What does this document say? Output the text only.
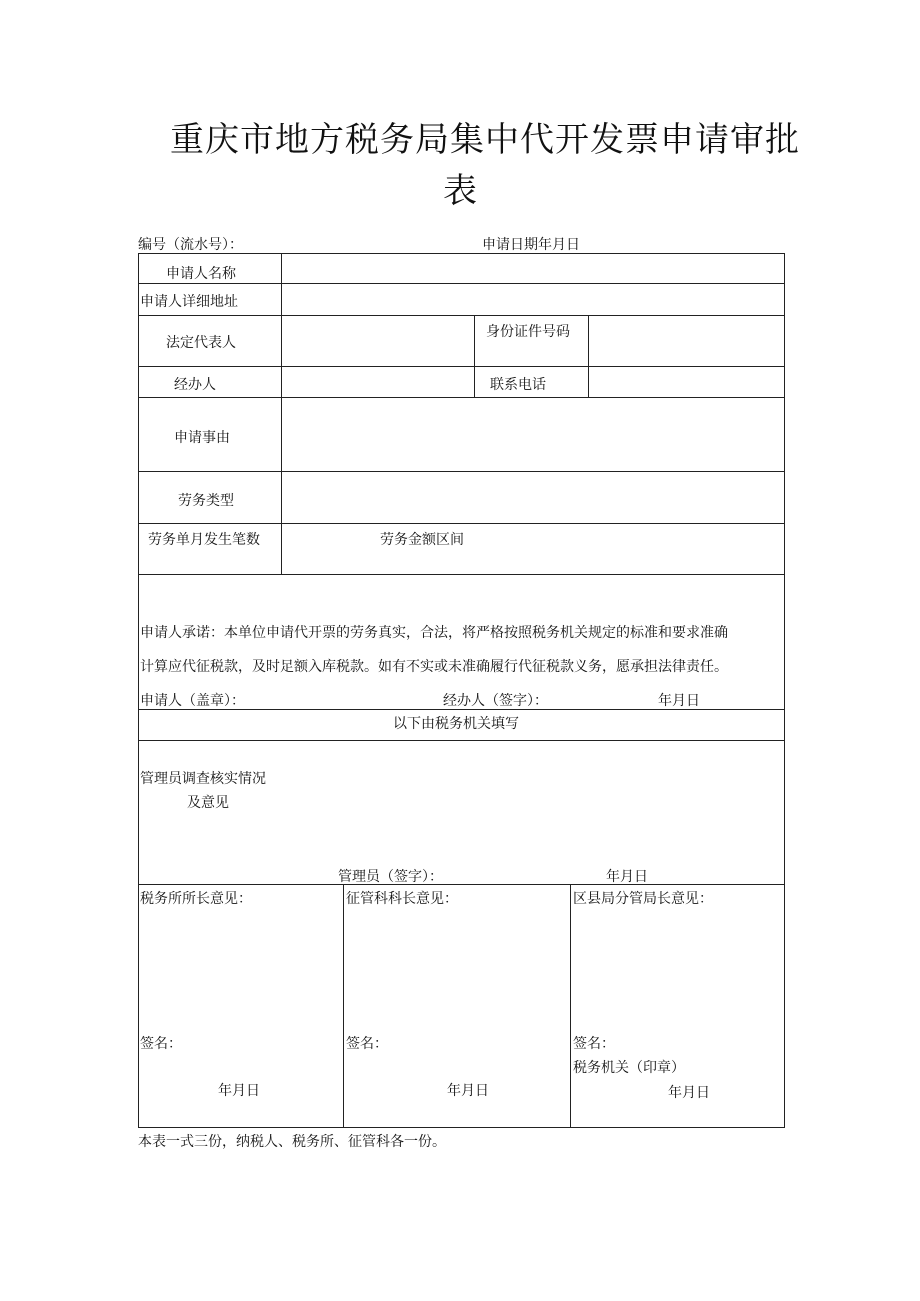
重庆市地方税务局集中代开发票申请审批
表
编号（流水号）：	申请日期年月日
申请人名称
申请人详细地址
法定代表人
身份证件号码
经办人	联系电话
申请事由
劳务类型
劳务单月发生笔数	劳务金额区间
申请人承诺：本单位申请代开票的劳务真实，合法，将严格按照税务机关规定的标准和要求准确
计算应代征税款，及时足额入库税款。如有不实或未准确履行代征税款义务，愿承担法律责任。
申请人（盖章）：	经办人（签字）：	年月日
以下由税务机关填写
管理员调查核实情况
及意见
管理员（签字）：	年月日
税务所所长意见：
签名：
年月日
征管科科长意见：
签名：
年月日
区县局分管局长意见：
签名：
税务机关（印章）
年月日
本表一式三份，纳税人、税务所、征管科各一份。
